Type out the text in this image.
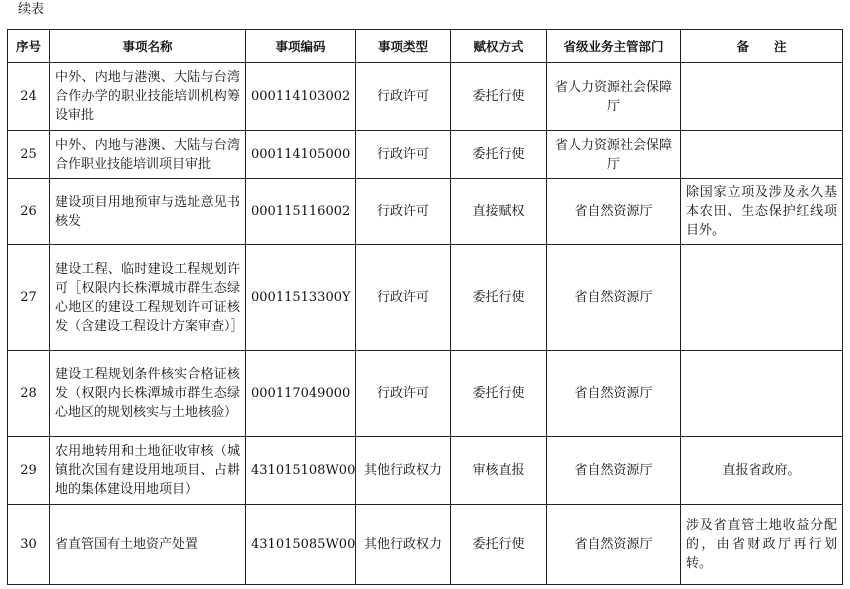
续表
序号	事项名称	事项编码	事项类型	赋权方式	省级业务主管部门	备　　注
24	中外、内地与港澳、大陆与台湾合作办学的职业技能培训机构筹设审批	000114103002	行政许可	委托行使	省人力资源社会保障厅	
25	中外、内地与港澳、大陆与台湾合作职业技能培训项目审批	000114105000	行政许可	委托行使	省人力资源社会保障厅	
26	建设项目用地预审与选址意见书核发	000115116002	行政许可	直接赋权	省自然资源厅	除国家立项及涉及永久基本农田、生态保护红线项目外。
27	建设工程、临时建设工程规划许可［权限内长株潭城市群生态绿心地区的建设工程规划许可证核发（含建设工程设计方案审查）］	00011513300Y	行政许可	委托行使	省自然资源厅	
28	建设工程规划条件核实合格证核发（权限内长株潭城市群生态绿心地区的规划核实与土地核验）	000117049000	行政许可	委托行使	省自然资源厅	
29	农用地转用和土地征收审核（城镇批次国有建设用地项目、占耕地的集体建设用地项目）	431015108W00	其他行政权力	审核直报	省自然资源厅	直报省政府。
30	省直管国有土地资产处置	431015085W00	其他行政权力	委托行使	省自然资源厅	涉及省直管土地收益分配的，由省财政厅再行划转。
